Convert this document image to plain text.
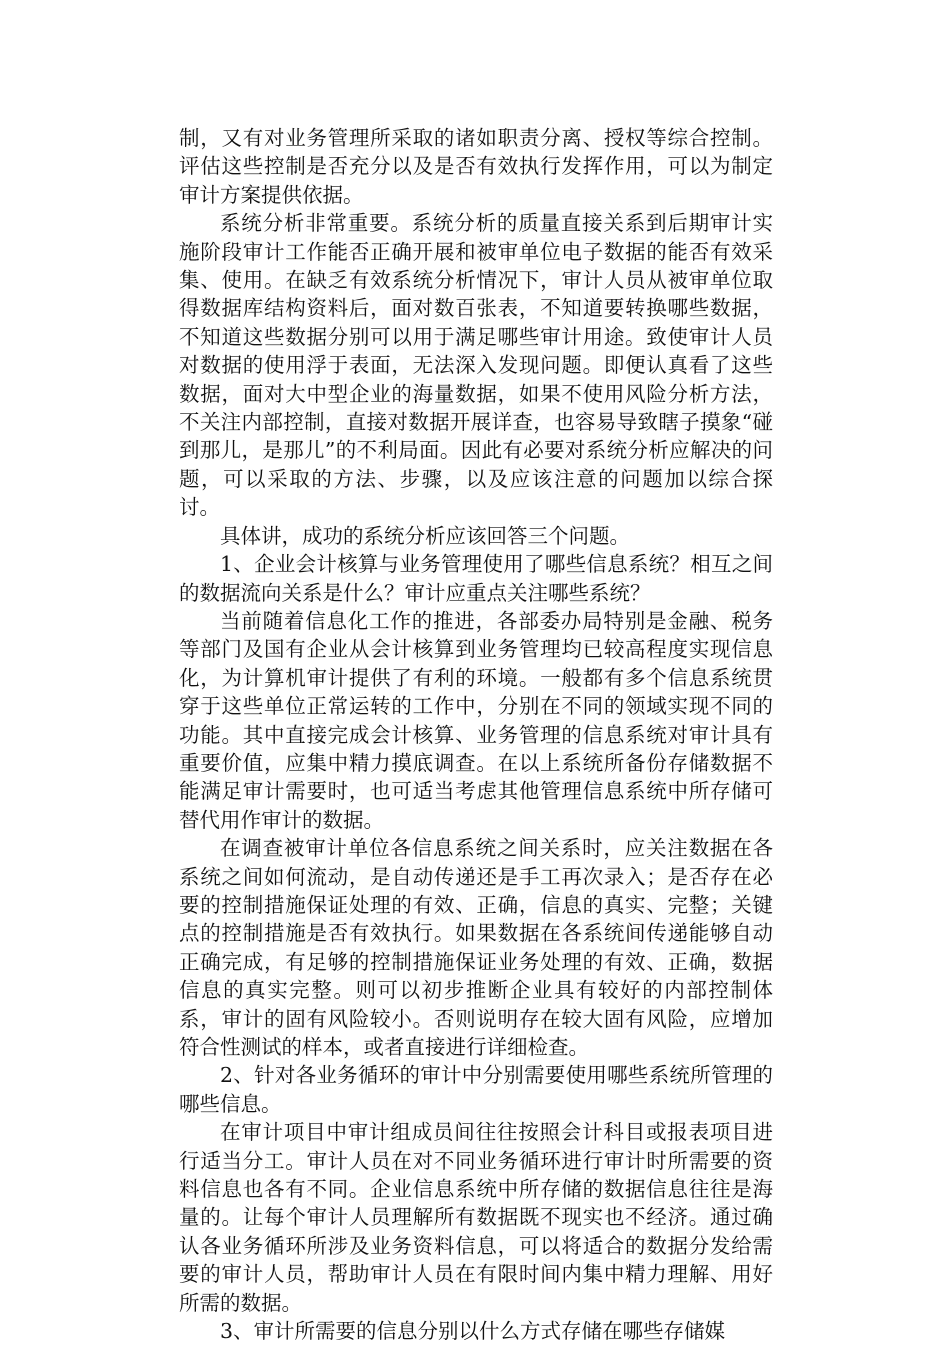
制，又有对业务管理所采取的诸如职责分离、授权等综合控制。评估这些控制是否充分以及是否有效执行发挥作用，可以为制定审计方案提供依据。

系统分析非常重要。系统分析的质量直接关系到后期审计实施阶段审计工作能否正确开展和被审单位电子数据的能否有效采集、使用。在缺乏有效系统分析情况下，审计人员从被审单位取得数据库结构资料后，面对数百张表，不知道要转换哪些数据，不知道这些数据分别可以用于满足哪些审计用途。致使审计人员对数据的使用浮于表面，无法深入发现问题。即便认真看了这些数据，面对大中型企业的海量数据，如果不使用风险分析方法，不关注内部控制，直接对数据开展详查，也容易导致瞎子摸象“碰到那儿，是那儿”的不利局面。因此有必要对系统分析应解决的问题，可以采取的方法、步骤，以及应该注意的问题加以综合探讨。

具体讲，成功的系统分析应该回答三个问题。

1、企业会计核算与业务管理使用了哪些信息系统？相互之间的数据流向关系是什么？审计应重点关注哪些系统？

当前随着信息化工作的推进，各部委办局特别是金融、税务等部门及国有企业从会计核算到业务管理均已较高程度实现信息化，为计算机审计提供了有利的环境。一般都有多个信息系统贯穿于这些单位正常运转的工作中，分别在不同的领域实现不同的功能。其中直接完成会计核算、业务管理的信息系统对审计具有重要价值，应集中精力摸底调查。在以上系统所备份存储数据不能满足审计需要时，也可适当考虑其他管理信息系统中所存储可替代用作审计的数据。

在调查被审计单位各信息系统之间关系时，应关注数据在各系统之间如何流动，是自动传递还是手工再次录入；是否存在必要的控制措施保证处理的有效、正确，信息的真实、完整；关键点的控制措施是否有效执行。如果数据在各系统间传递能够自动正确完成，有足够的控制措施保证业务处理的有效、正确，数据信息的真实完整。则可以初步推断企业具有较好的内部控制体系，审计的固有风险较小。否则说明存在较大固有风险，应增加符合性测试的样本，或者直接进行详细检查。

2、针对各业务循环的审计中分别需要使用哪些系统所管理的哪些信息。

在审计项目中审计组成员间往往按照会计科目或报表项目进行适当分工。审计人员在对不同业务循环进行审计时所需要的资料信息也各有不同。企业信息系统中所存储的数据信息往往是海量的。让每个审计人员理解所有数据既不现实也不经济。通过确认各业务循环所涉及业务资料信息，可以将适合的数据分发给需要的审计人员，帮助审计人员在有限时间内集中精力理解、用好所需的数据。

3、审计所需要的信息分别以什么方式存储在哪些存储媒
